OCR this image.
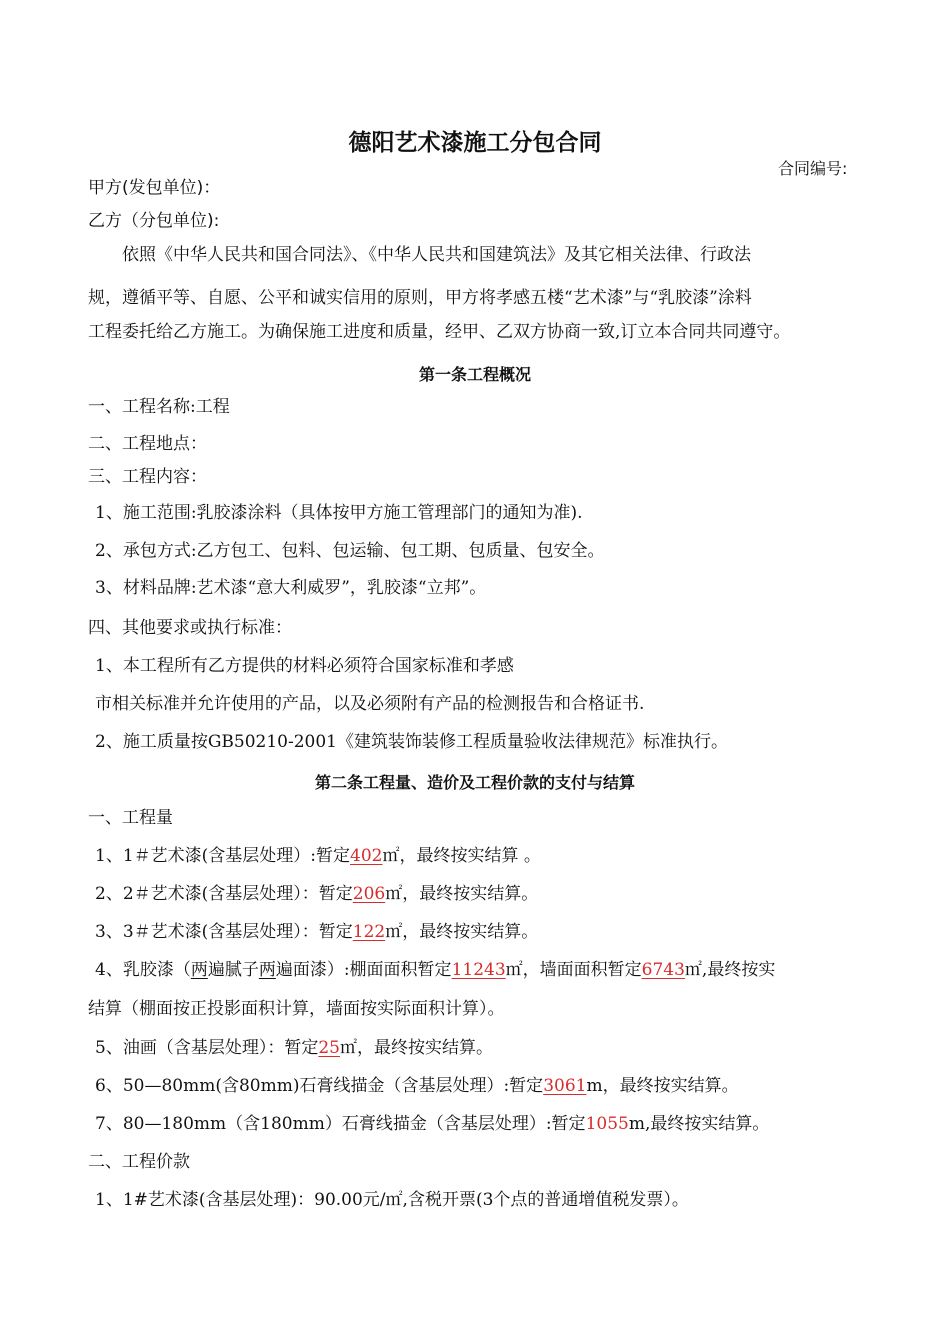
德阳艺术漆施工分包合同
合同编号:
甲方(发包单位)：
乙方（分包单位):
依照《中华人民共和国合同法》、《中华人民共和国建筑法》及其它相关法律、行政法
规，遵循平等、自愿、公平和诚实信用的原则，甲方将孝感五楼“艺术漆”与“乳胶漆”涂料
工程委托给乙方施工。为确保施工进度和质量，经甲、乙双方协商一致,订立本合同共同遵守。
第一条工程概况
一、工程名称:工程
二、工程地点：
三、工程内容：
1、施工范围:乳胶漆涂料（具体按甲方施工管理部门的通知为准).
2、承包方式:乙方包工、包料、包运输、包工期、包质量、包安全。
3、材料品牌:艺术漆“意大利威罗”，乳胶漆“立邦”。
四、其他要求或执行标准：
1、本工程所有乙方提供的材料必须符合国家标准和孝感
市相关标准并允许使用的产品，以及必须附有产品的检测报告和合格证书.
2、施工质量按GB50210-2001《建筑装饰装修工程质量验收法律规范》标准执行。
第二条工程量、造价及工程价款的支付与结算
一、工程量
1、1＃艺术漆(含基层处理）:暂定402㎡，最终按实结算 。
2、2＃艺术漆(含基层处理）：暂定206㎡，最终按实结算。
3、3＃艺术漆(含基层处理）：暂定122㎡，最终按实结算。
4、乳胶漆（两遍腻子两遍面漆）:棚面面积暂定11243㎡，墙面面积暂定6743㎡,最终按实
结算（棚面按正投影面积计算，墙面按实际面积计算）。
5、油画（含基层处理）：暂定25㎡，最终按实结算。
6、50—80mm(含80mm)石膏线描金（含基层处理）:暂定3061m，最终按实结算。
7、80—180mm（含180mm）石膏线描金（含基层处理）:暂定1055m,最终按实结算。
二、工程价款
1、1#艺术漆(含基层处理)：90.00元/㎡,含税开票(3个点的普通增值税发票）。
